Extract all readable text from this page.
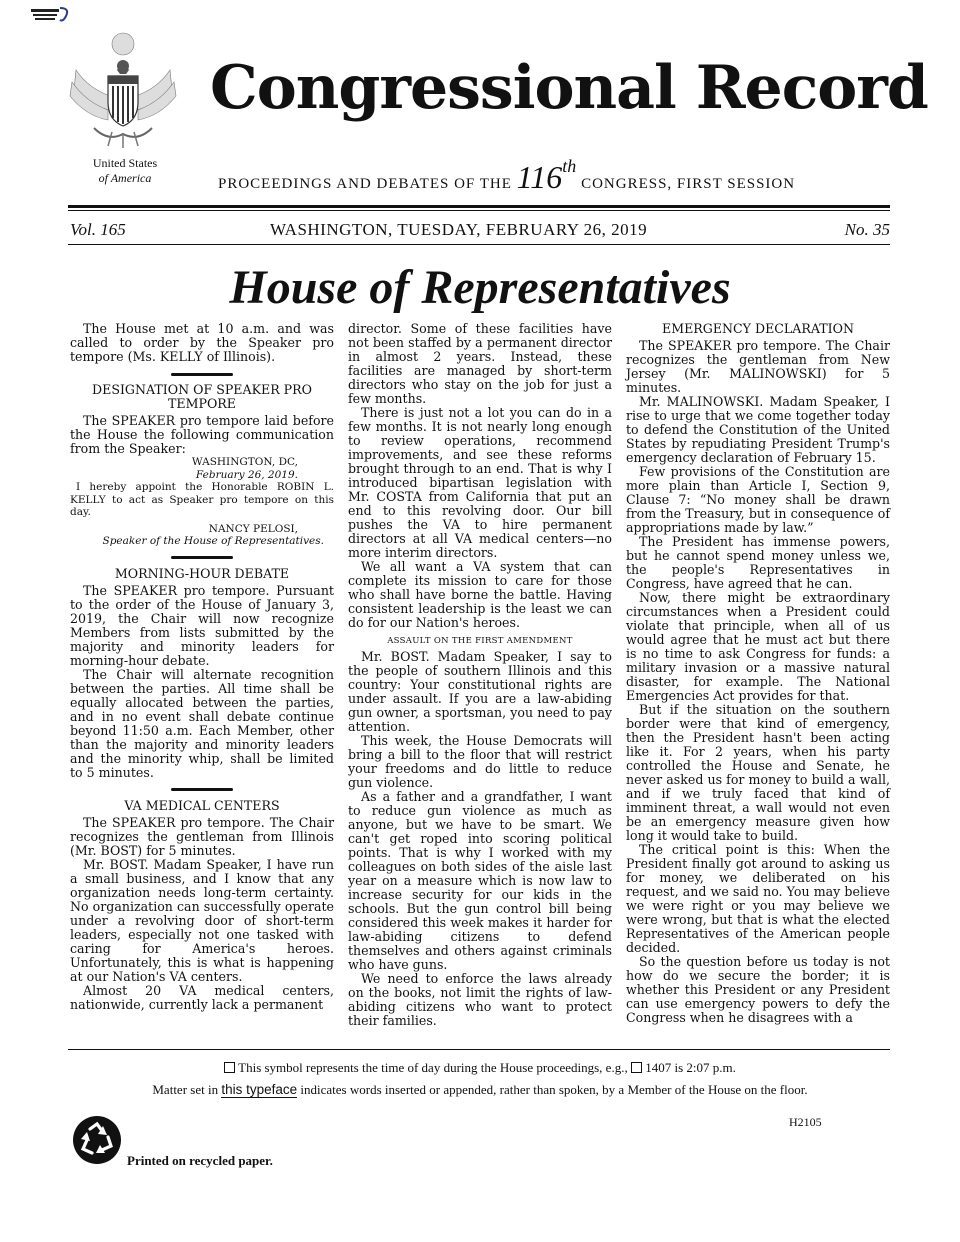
United States
of America
Congressional Record
PROCEEDINGS AND DEBATES OF THE 116th CONGRESS, FIRST SESSION
Vol. 165	WASHINGTON, TUESDAY, FEBRUARY 26, 2019	No. 35
House of Representatives

The House met at 10 a.m. and was called to order by the Speaker pro tempore (Ms. KELLY of Illinois).

DESIGNATION OF SPEAKER PRO TEMPORE

The SPEAKER pro tempore laid before the House the following communication from the Speaker:

WASHINGTON, DC,
February 26, 2019.

I hereby appoint the Honorable ROBIN L. KELLY to act as Speaker pro tempore on this day.

NANCY PELOSI,
Speaker of the House of Representatives.
MORNING-HOUR DEBATE

The SPEAKER pro tempore. Pursuant to the order of the House of January 3, 2019, the Chair will now recognize Members from lists submitted by the majority and minority leaders for morning-hour debate.

The Chair will alternate recognition between the parties. All time shall be equally allocated between the parties, and in no event shall debate continue beyond 11:50 a.m. Each Member, other than the majority and minority leaders and the minority whip, shall be limited to 5 minutes.

VA MEDICAL CENTERS

The SPEAKER pro tempore. The Chair recognizes the gentleman from Illinois (Mr. BOST) for 5 minutes.

Mr. BOST. Madam Speaker, I have run a small business, and I know that any organization needs long-term certainty. No organization can successfully operate under a revolving door of short-term leaders, especially not one tasked with caring for America's heroes. Unfortunately, this is what is happening at our Nation's VA centers.

Almost 20 VA medical centers, nationwide, currently lack a permanent

director. Some of these facilities have not been staffed by a permanent director in almost 2 years. Instead, these facilities are managed by short-term directors who stay on the job for just a few months.

There is just not a lot you can do in a few months. It is not nearly long enough to review operations, recommend improvements, and see these reforms brought through to an end. That is why I introduced bipartisan legislation with Mr. COSTA from California that put an end to this revolving door. Our bill pushes the VA to hire permanent directors at all VA medical centers—no more interim directors.

We all want a VA system that can complete its mission to care for those who shall have borne the battle. Having consistent leadership is the least we can do for our Nation's heroes.

ASSAULT ON THE FIRST AMENDMENT

Mr. BOST. Madam Speaker, I say to the people of southern Illinois and this country: Your constitutional rights are under assault. If you are a law-abiding gun owner, a sportsman, you need to pay attention.

This week, the House Democrats will bring a bill to the floor that will restrict your freedoms and do little to reduce gun violence.

As a father and a grandfather, I want to reduce gun violence as much as anyone, but we have to be smart. We can't get roped into scoring political points. That is why I worked with my colleagues on both sides of the aisle last year on a measure which is now law to increase security for our kids in the schools. But the gun control bill being considered this week makes it harder for law-abiding citizens to defend themselves and others against criminals who have guns.

We need to enforce the laws already on the books, not limit the rights of law-abiding citizens who want to protect their families.

EMERGENCY DECLARATION

The SPEAKER pro tempore. The Chair recognizes the gentleman from New Jersey (Mr. MALINOWSKI) for 5 minutes.

Mr. MALINOWSKI. Madam Speaker, I rise to urge that we come together today to defend the Constitution of the United States by repudiating President Trump's emergency declaration of February 15.

Few provisions of the Constitution are more plain than Article I, Section 9, Clause 7: “No money shall be drawn from the Treasury, but in consequence of appropriations made by law.”

The President has immense powers, but he cannot spend money unless we, the people's Representatives in Congress, have agreed that he can.

Now, there might be extraordinary circumstances when a President could violate that principle, when all of us would agree that he must act but there is no time to ask Congress for funds: a military invasion or a massive natural disaster, for example. The National Emergencies Act provides for that.

But if the situation on the southern border were that kind of emergency, then the President hasn't been acting like it. For 2 years, when his party controlled the House and Senate, he never asked us for money to build a wall, and if we truly faced that kind of imminent threat, a wall would not even be an emergency measure given how long it would take to build.

The critical point is this: When the President finally got around to asking us for money, we deliberated on his request, and we said no. You may believe we were right or you may believe we were wrong, but that is what the elected Representatives of the American people decided.

So the question before us today is not how do we secure the border; it is whether this President or any President can use emergency powers to defy the Congress when he disagrees with a

This symbol represents the time of day during the House proceedings, e.g., 1407 is 2:07 p.m.
Matter set in this typeface indicates words inserted or appended, rather than spoken, by a Member of the House on the floor.
Printed on recycled paper.
H2105
